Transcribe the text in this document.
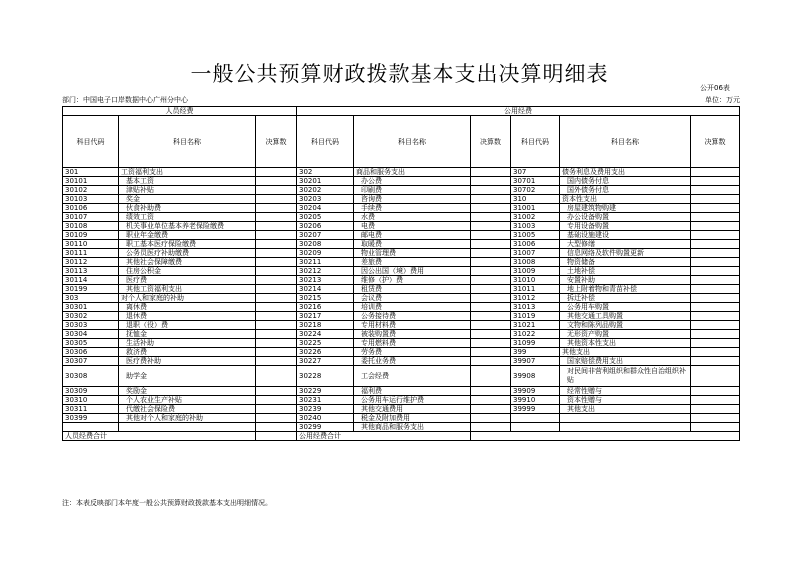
一般公共预算财政拨款基本支出决算明细表
公开06表
部门：中国电子口岸数据中心广州分中心	单位：万元
人员经费			公用经费					
科目代码	科目名称	决算数	科目代码	科目名称	决算数	科目代码	科目名称	决算数
301	工资福利支出		302	商品和服务支出		307	债务利息及费用支出	
30101	基本工资		30201	办公费		30701	国内债务付息	
30102	津贴补贴		30202	印刷费		30702	国外债务付息	
30103	奖金		30203	咨询费		310	资本性支出	
30106	伙食补助费		30204	手续费		31001	房屋建筑物购建	
30107	绩效工资		30205	水费		31002	办公设备购置	
30108	机关事业单位基本养老保险缴费		30206	电费		31003	专用设备购置	
30109	职业年金缴费		30207	邮电费		31005	基础设施建设	
30110	职工基本医疗保险缴费		30208	取暖费		31006	大型修缮	
30111	公务员医疗补助缴费		30209	物业管理费		31007	信息网络及软件购置更新	
30112	其他社会保障缴费		30211	差旅费		31008	物资储备	
30113	住房公积金		30212	因公出国（境）费用		31009	土地补偿	
30114	医疗费		30213	维修（护）费		31010	安置补助	
30199	其他工资福利支出		30214	租赁费		31011	地上附着物和青苗补偿	
303	对个人和家庭的补助		30215	会议费		31012	拆迁补偿	
30301	离休费		30216	培训费		31013	公务用车购置	
30302	退休费		30217	公务接待费		31019	其他交通工具购置	
30303	退职（役）费		30218	专用材料费		31021	文物和陈列品购置	
30304	抚恤金		30224	被装购置费		31022	无形资产购置	
30305	生活补助		30225	专用燃料费		31099	其他资本性支出	
30306	救济费		30226	劳务费		399	其他支出	
30307	医疗费补助		30227	委托业务费		39907	国家赔偿费用支出	
30308	助学金		30228	工会经费		39908	对民间非营利组织和群众性自治组织补贴	
30309	奖励金		30229	福利费		39909	经常性赠与	
30310	个人农业生产补贴		30231	公务用车运行维护费		39910	资本性赠与	
30311	代缴社会保险费		30239	其他交通费用		39999	其他支出	
30399	其他对个人和家庭的补助		30240	税金及附加费用				
			30299	其他商品和服务支出				
人员经费合计			公用经费合计					
注：本表反映部门本年度一般公共预算财政拨款基本支出明细情况。
